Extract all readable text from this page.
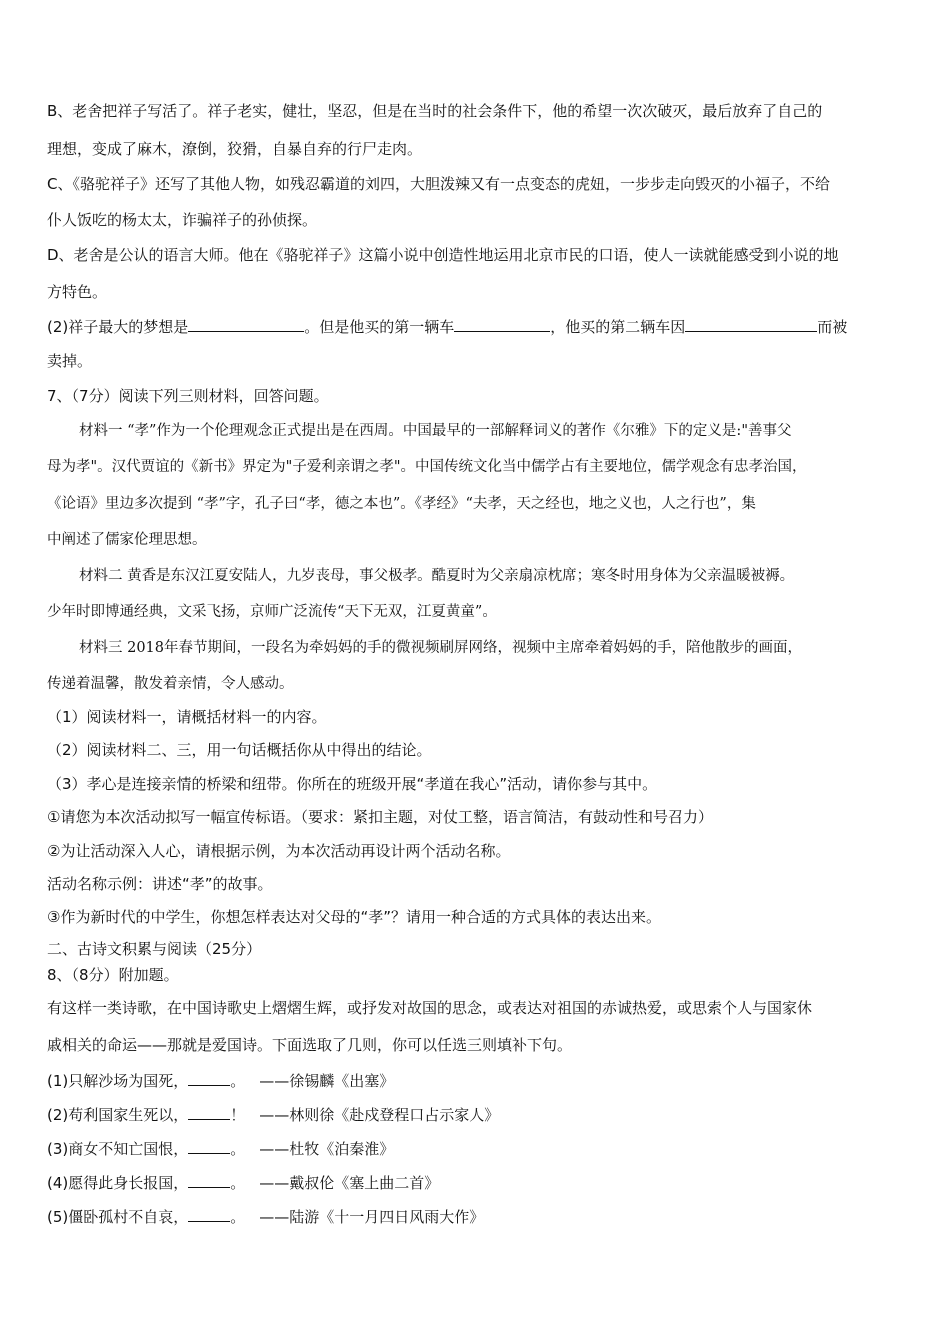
B、老舍把祥子写活了。祥子老实，健壮，坚忍，但是在当时的社会条件下，他的希望一次次破灭，最后放弃了自己的
理想，变成了麻木，潦倒，狡猾，自暴自弃的行尸走肉。
C、《骆驼祥子》还写了其他人物，如残忍霸道的刘四，大胆泼辣又有一点变态的虎妞，一步步走向毁灭的小福子，不给
仆人饭吃的杨太太，诈骗祥子的孙侦探。
D、老舍是公认的语言大师。他在《骆驼祥子》这篇小说中创造性地运用北京市民的口语，使人一读就能感受到小说的地
方特色。
(2)祥子最大的梦想是	。但是他买的第一辆车	，他买的第二辆车因	而被
卖掉。
7、（7分）阅读下列三则材料，回答问题。
材料一 “孝”作为一个伦理观念正式提出是在西周。中国最早的一部解释词义的著作《尔雅》下的定义是:"善事父
母为孝"。汉代贾谊的《新书》界定为"子爱利亲谓之孝"。中国传统文化当中儒学占有主要地位，儒学观念有忠孝治国，
《论语》里边多次提到 “孝”字，孔子曰“孝，德之本也”。《孝经》“夫孝，天之经也，地之义也，人之行也”，集
中阐述了儒家伦理思想。
材料二 黄香是东汉江夏安陆人，九岁丧母，事父极孝。酷夏时为父亲扇凉枕席；寒冬时用身体为父亲温暖被褥。
少年时即博通经典，文采飞扬，京师广泛流传“天下无双，江夏黄童”。
材料三 2018年春节期间，一段名为牵妈妈的手的微视频刷屏网络，视频中主席牵着妈妈的手，陪他散步的画面，
传递着温馨，散发着亲情，令人感动。
（1）阅读材料一，请概括材料一的内容。
（2）阅读材料二、三，用一句话概括你从中得出的结论。
（3）孝心是连接亲情的桥梁和纽带。你所在的班级开展“孝道在我心”活动，请你参与其中。
①请您为本次活动拟写一幅宣传标语。（要求：紧扣主题，对仗工整，语言简洁，有鼓动性和号召力）
②为让活动深入人心，请根据示例，为本次活动再设计两个活动名称。
活动名称示例：讲述“孝”的故事。
③作为新时代的中学生，你想怎样表达对父母的“孝”？请用一种合适的方式具体的表达出来。
二、古诗文积累与阅读（25分）
8、（8分）附加题。
有这样一类诗歌，在中国诗歌史上熠熠生辉，或抒发对故国的思念，或表达对祖国的赤诚热爱，或思索个人与国家休
戚相关的命运——那就是爱国诗。下面选取了几则，你可以任选三则填补下句。
(1)只解沙场为国死，	。 ——徐锡麟《出塞》
(2)苟利国家生死以，	！ ——林则徐《赴戍登程口占示家人》
(3)商女不知亡国恨，	。 ——杜牧《泊秦淮》
(4)愿得此身长报国，	。 ——戴叔伦《塞上曲二首》
(5)僵卧孤村不自哀，	。 ——陆游《十一月四日风雨大作》
